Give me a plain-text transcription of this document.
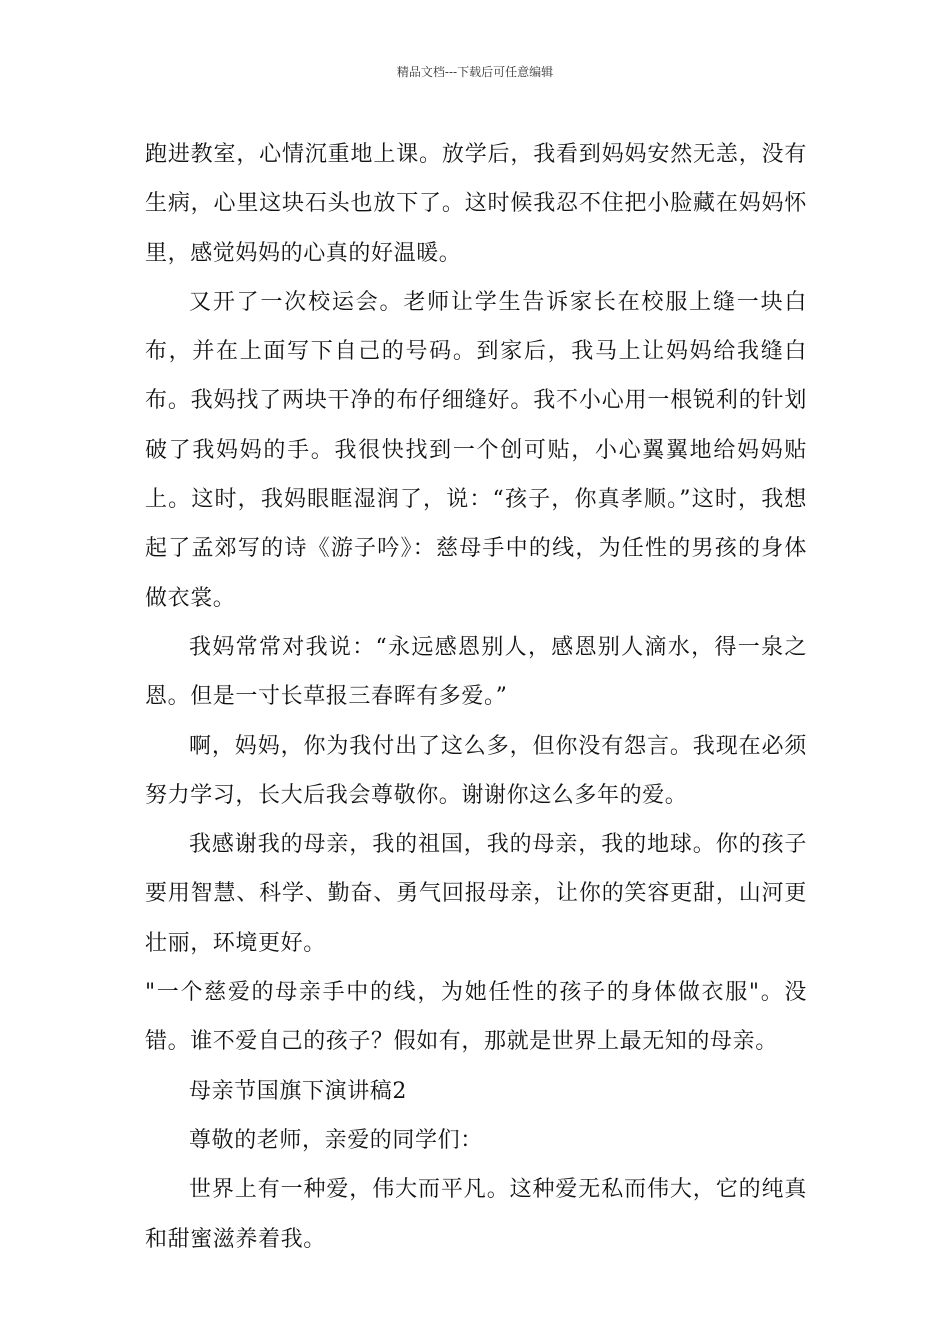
精品文档---下载后可任意编辑

跑进教室，心情沉重地上课。放学后，我看到妈妈安然无恙，没有生病，心里这块石头也放下了。这时候我忍不住把小脸藏在妈妈怀里，感觉妈妈的心真的好温暖。

又开了一次校运会。老师让学生告诉家长在校服上缝一块白布，并在上面写下自己的号码。到家后，我马上让妈妈给我缝白布。我妈找了两块干净的布仔细缝好。我不小心用一根锐利的针划破了我妈妈的手。我很快找到一个创可贴，小心翼翼地给妈妈贴上。这时，我妈眼眶湿润了，说：“孩子，你真孝顺。”这时，我想起了孟郊写的诗《游子吟》：慈母手中的线，为任性的男孩的身体做衣裳。

我妈常常对我说：“永远感恩别人，感恩别人滴水，得一泉之恩。但是一寸长草报三春晖有多爱。”

啊，妈妈，你为我付出了这么多，但你没有怨言。我现在必须努力学习，长大后我会尊敬你。谢谢你这么多年的爱。

我感谢我的母亲，我的祖国，我的母亲，我的地球。你的孩子要用智慧、科学、勤奋、勇气回报母亲，让你的笑容更甜，山河更壮丽，环境更好。

"一个慈爱的母亲手中的线，为她任性的孩子的身体做衣服"。没错。谁不爱自己的孩子？假如有，那就是世界上最无知的母亲。

母亲节国旗下演讲稿2

尊敬的老师，亲爱的同学们：

世界上有一种爱，伟大而平凡。这种爱无私而伟大，它的纯真和甜蜜滋养着我。
